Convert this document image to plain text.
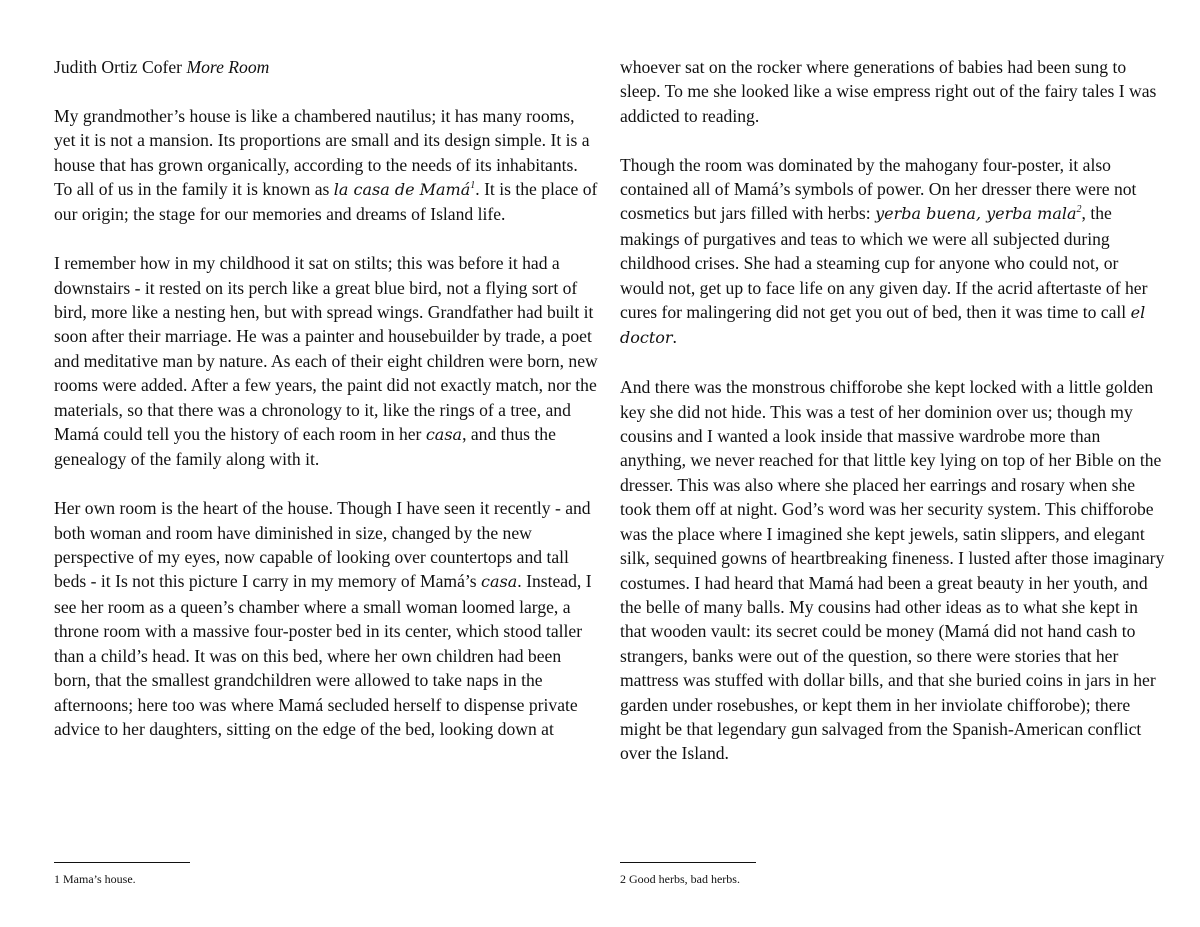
Judith Ortiz Cofer More Room

My grandmother’s house is like a chambered nautilus; it has many rooms, yet it is not a mansion. Its proportions are small and its design simple. It is a house that has grown organically, according to the needs of its inhabitants. To all of us in the family it is known as la casa de Mamá$^1$. It is the place of our origin; the stage for our memories and dreams of Island life.

I remember how in my childhood it sat on stilts; this was before it had a downstairs - it rested on its perch like a great blue bird, not a flying sort of bird, more like a nesting hen, but with spread wings. Grandfather had built it soon after their marriage. He was a painter and housebuilder by trade, a poet and meditative man by nature. As each of their eight children were born, new rooms were added. After a few years, the paint did not exactly match, nor the materials, so that there was a chronology to it, like the rings of a tree, and Mamá could tell you the history of each room in her casa, and thus the genealogy of the family along with it.

Her own room is the heart of the house. Though I have seen it recently - and both woman and room have diminished in size, changed by the new perspective of my eyes, now capable of looking over countertops and tall beds - it Is not this picture I carry in my memory of Mamá’s casa. Instead, I see her room as a queen’s chamber where a small woman loomed large, a throne room with a massive four-poster bed in its center, which stood taller than a child’s head. It was on this bed, where her own children had been born, that the smallest grandchildren were allowed to take naps in the afternoons; here too was where Mamá secluded herself to dispense private advice to her daughters, sitting on the edge of the bed, looking down at

1 Mama’s house.

whoever sat on the rocker where generations of babies had been sung to sleep. To me she looked like a wise empress right out of the fairy tales I was addicted to reading.

Though the room was dominated by the mahogany four-poster, it also contained all of Mamá’s symbols of power. On her dresser there were not cosmetics but jars filled with herbs: yerba buena, yerba mala$^2$, the makings of purgatives and teas to which we were all subjected during childhood crises. She had a steaming cup for anyone who could not, or would not, get up to face life on any given day. If the acrid aftertaste of her cures for malingering did not get you out of bed, then it was time to call el doctor.

And there was the monstrous chifforobe she kept locked with a little golden key she did not hide. This was a test of her dominion over us; though my cousins and I wanted a look inside that massive wardrobe more than anything, we never reached for that little key lying on top of her Bible on the dresser. This was also where she placed her earrings and rosary when she took them off at night. God’s word was her security system. This chifforobe was the place where I imagined she kept jewels, satin slippers, and elegant silk, sequined gowns of heartbreaking fineness. I lusted after those imaginary costumes. I had heard that Mamá had been a great beauty in her youth, and the belle of many balls. My cousins had other ideas as to what she kept in that wooden vault: its secret could be money (Mamá did not hand cash to strangers, banks were out of the question, so there were stories that her mattress was stuffed with dollar bills, and that she buried coins in jars in her garden under rosebushes, or kept them in her inviolate chifforobe); there might be that legendary gun salvaged from the Spanish-American conflict over the Island.

2 Good herbs, bad herbs.
